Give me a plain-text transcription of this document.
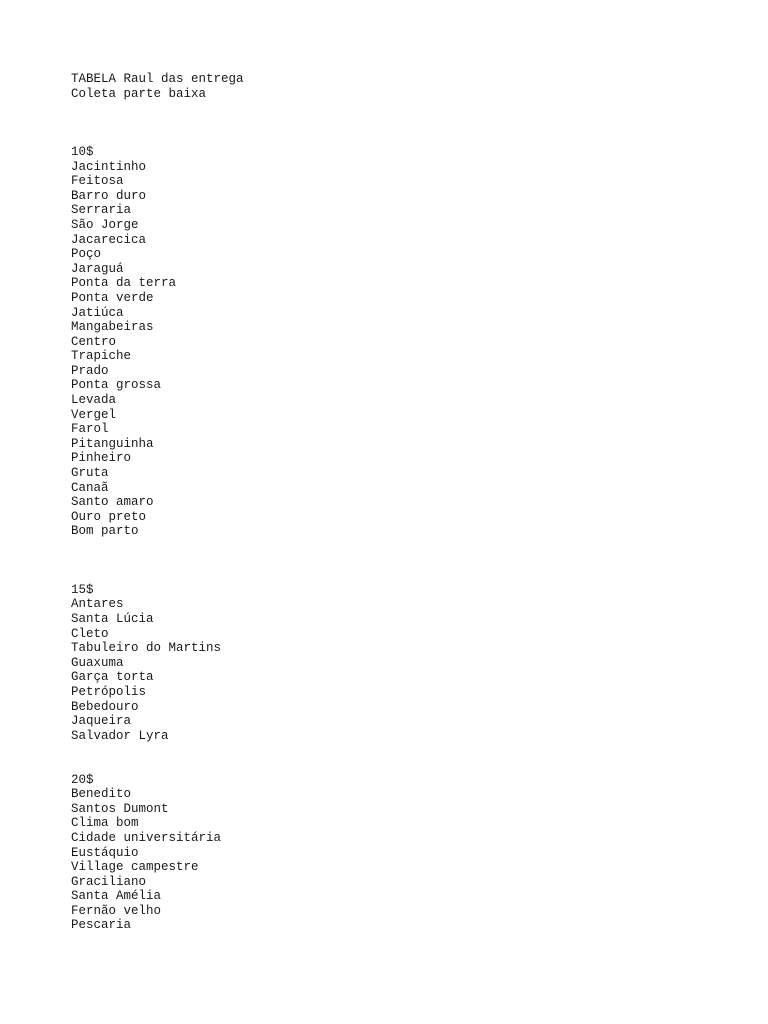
TABELA Raul das entrega
Coleta parte baixa
10$
Jacintinho
Feitosa
Barro duro
Serraria
São Jorge
Jacarecica
Poço
Jaraguá
Ponta da terra
Ponta verde
Jatiúca
Mangabeiras
Centro
Trapiche
Prado
Ponta grossa
Levada
Vergel
Farol
Pitanguinha
Pinheiro
Gruta
Canaã
Santo amaro
Ouro preto
Bom parto
15$
Antares
Santa Lúcia
Cleto
Tabuleiro do Martins
Guaxuma
Garça torta
Petrópolis
Bebedouro
Jaqueira
Salvador Lyra
20$
Benedito
Santos Dumont
Clima bom
Cidade universitária
Eustáquio
Village campestre
Graciliano
Santa Amélia
Fernão velho
Pescaria
